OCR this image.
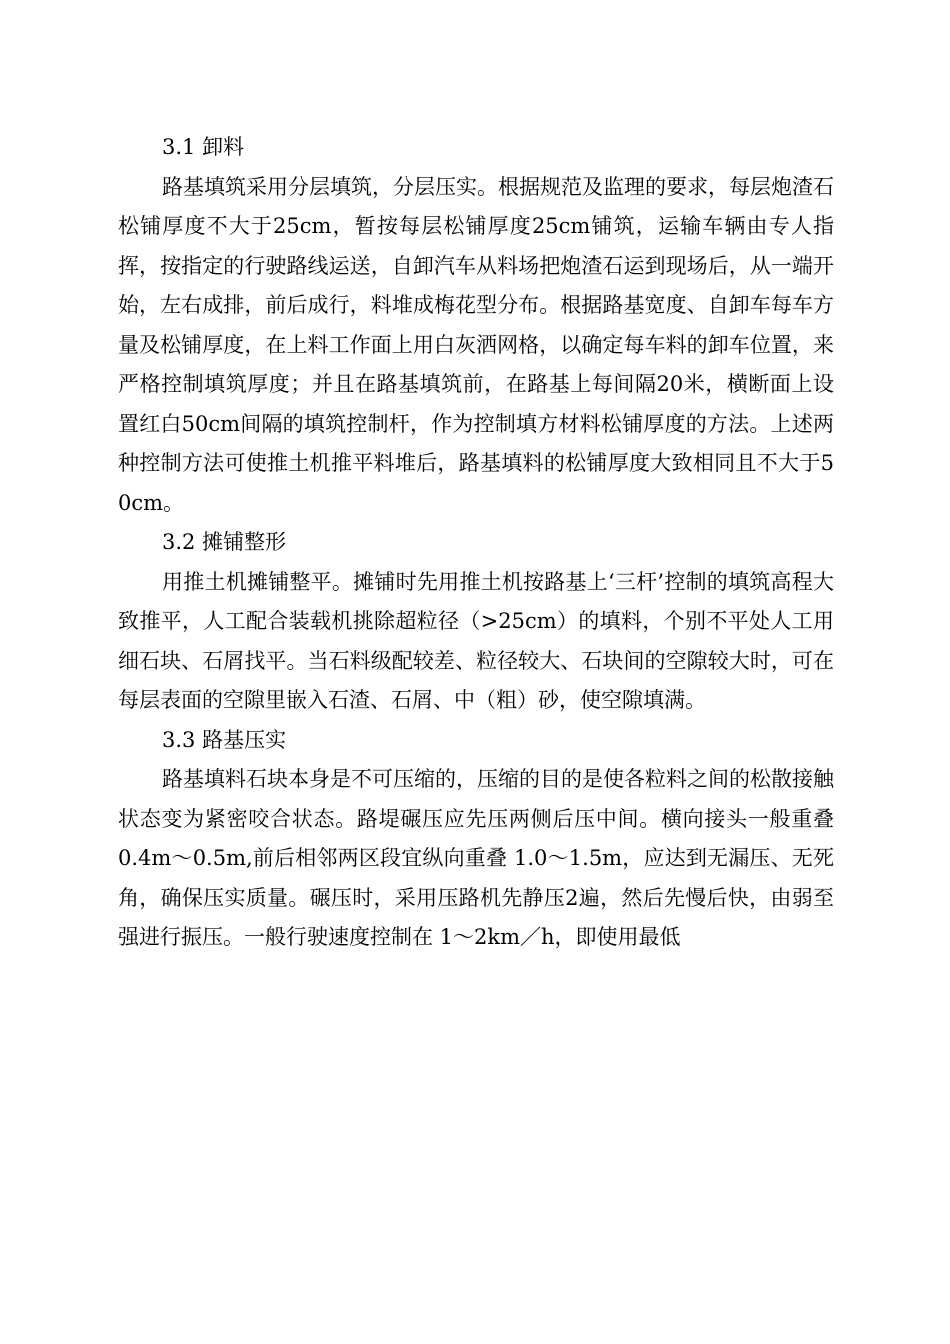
3.1 卸料

路基填筑采用分层填筑，分层压实。根据规范及监理的要求，每层炮渣石松铺厚度不大于25cm，暂按每层松铺厚度25cm铺筑，运输车辆由专人指挥，按指定的行驶路线运送，自卸汽车从料场把炮渣石运到现场后，从一端开始，左右成排，前后成行，料堆成梅花型分布。根据路基宽度、自卸车每车方量及松铺厚度，在上料工作面上用白灰洒网格，以确定每车料的卸车位置，来严格控制填筑厚度；并且在路基填筑前，在路基上每间隔20米，横断面上设置红白50cm间隔的填筑控制杆，作为控制填方材料松铺厚度的方法。上述两种控制方法可使推土机推平料堆后，路基填料的松铺厚度大致相同且不大于50cm。

3.2 摊铺整形

用推土机摊铺整平。摊铺时先用推土机按路基上‘三杆’控制的填筑高程大致推平，人工配合装载机挑除超粒径（>25cm）的填料，个别不平处人工用细石块、石屑找平。当石料级配较差、粒径较大、石块间的空隙较大时，可在每层表面的空隙里嵌入石渣、石屑、中（粗）砂，使空隙填满。

3.3 路基压实

路基填料石块本身是不可压缩的，压缩的目的是使各粒料之间的松散接触状态变为紧密咬合状态。路堤碾压应先压两侧后压中间。横向接头一般重叠 0.4m～0.5m,前后相邻两区段宜纵向重叠 1.0～1.5m，应达到无漏压、无死角，确保压实质量。碾压时，采用压路机先静压2遍，然后先慢后快，由弱至强进行振压。一般行驶速度控制在 1～2km／h，即使用最低
